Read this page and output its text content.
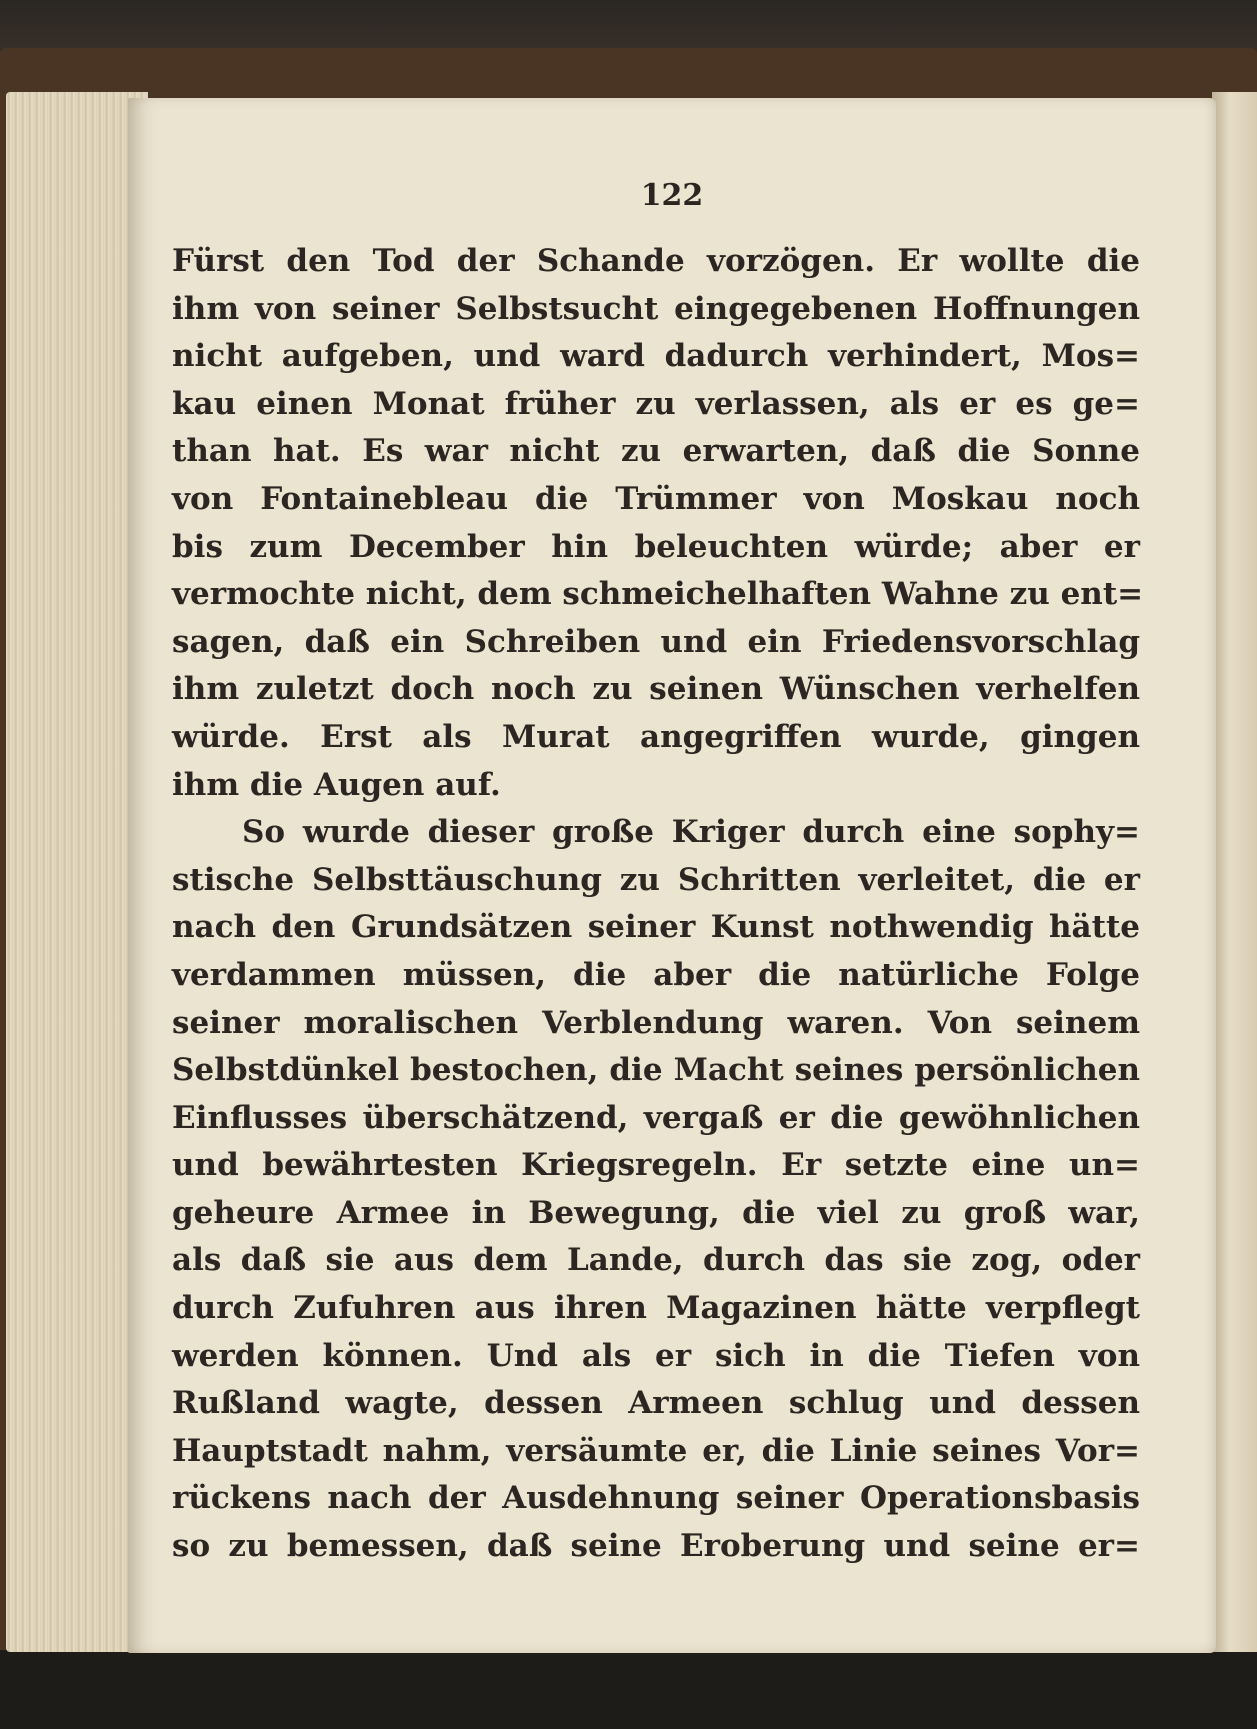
122
Fürst den Tod der Schande vorzögen. Er wollte die
ihm von seiner Selbstsucht eingegebenen Hoffnungen
nicht aufgeben, und ward dadurch verhindert, Mos=
kau einen Monat früher zu verlassen, als er es ge=
than hat. Es war nicht zu erwarten, daß die Sonne
von Fontainebleau die Trümmer von Moskau noch
bis zum December hin beleuchten würde; aber er
vermochte nicht, dem schmeichelhaften Wahne zu ent=
sagen, daß ein Schreiben und ein Friedensvorschlag
ihm zuletzt doch noch zu seinen Wünschen verhelfen
würde. Erst als Murat angegriffen wurde, gingen
ihm die Augen auf.
So wurde dieser große Kriger durch eine sophy=
stische Selbsttäuschung zu Schritten verleitet, die er
nach den Grundsätzen seiner Kunst nothwendig hätte
verdammen müssen, die aber die natürliche Folge
seiner moralischen Verblendung waren. Von seinem
Selbstdünkel bestochen, die Macht seines persönlichen
Einflusses überschätzend, vergaß er die gewöhnlichen
und bewährtesten Kriegsregeln. Er setzte eine un=
geheure Armee in Bewegung, die viel zu groß war,
als daß sie aus dem Lande, durch das sie zog, oder
durch Zufuhren aus ihren Magazinen hätte verpflegt
werden können. Und als er sich in die Tiefen von
Rußland wagte, dessen Armeen schlug und dessen
Hauptstadt nahm, versäumte er, die Linie seines Vor=
rückens nach der Ausdehnung seiner Operationsbasis
so zu bemessen, daß seine Eroberung und seine er=
